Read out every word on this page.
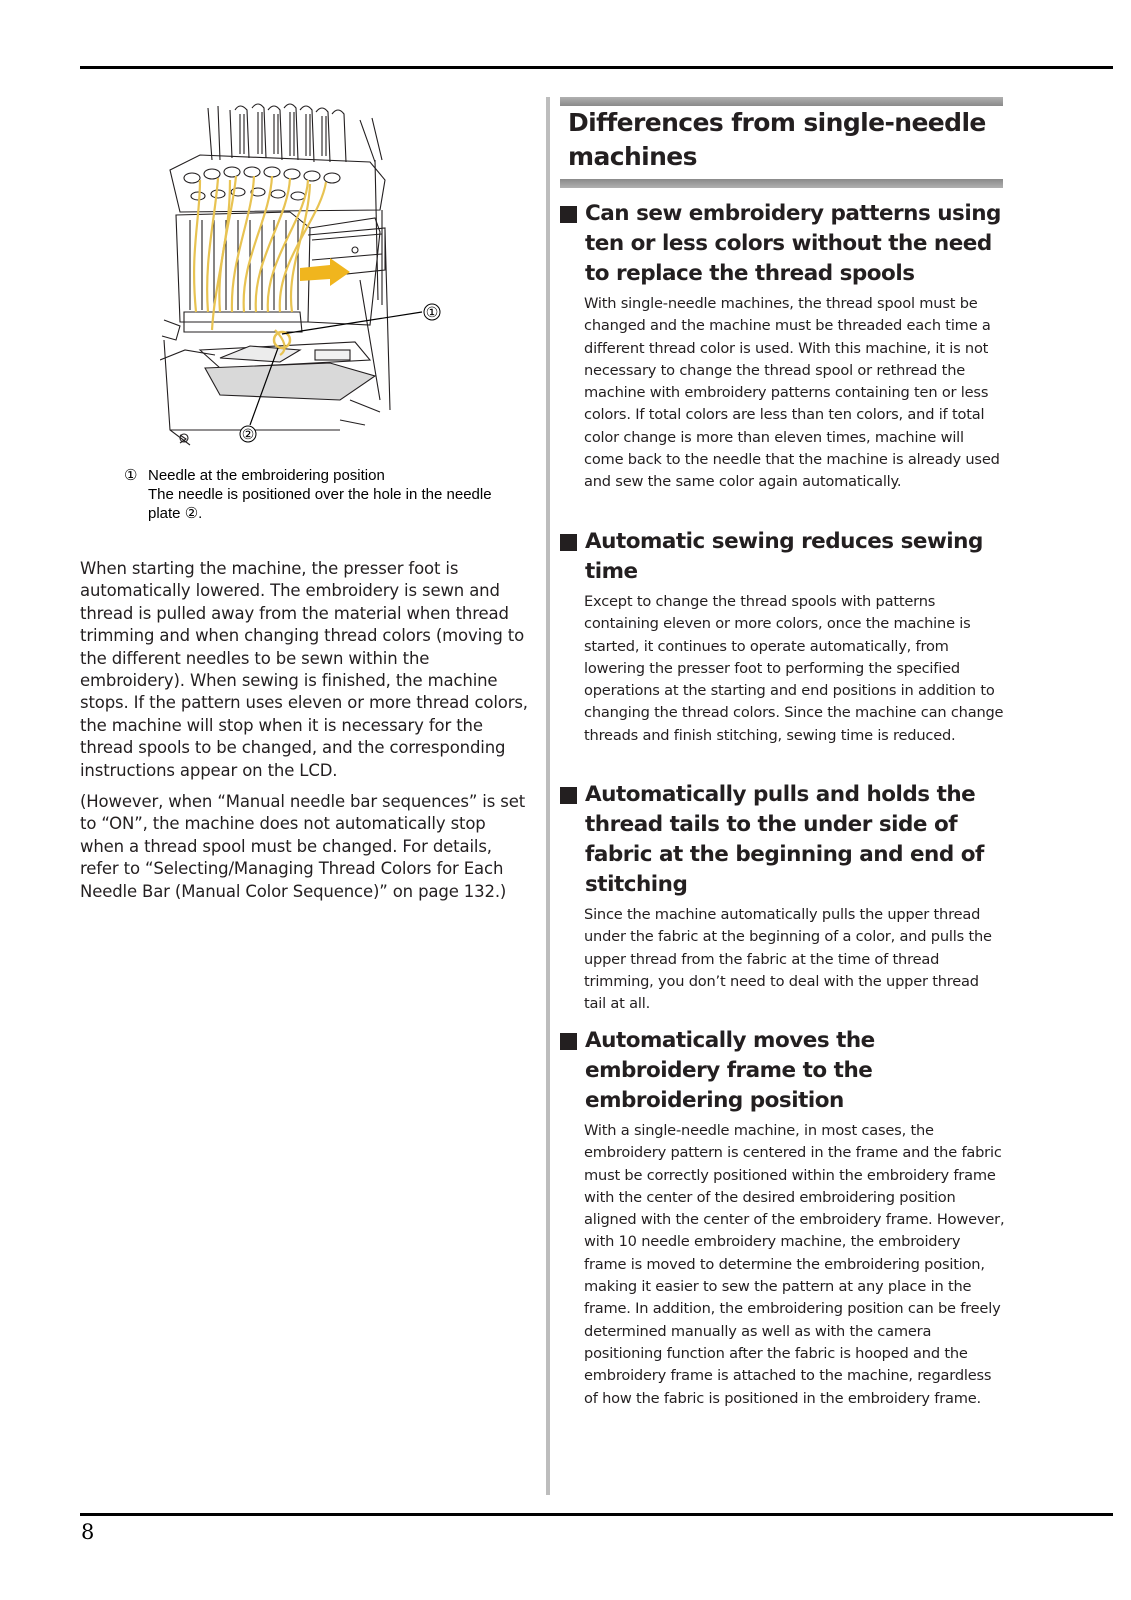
①
②
① Needle at the embroidering position
The needle is positioned over the hole in the needle plate ②.

When starting the machine, the presser foot is automatically lowered. The embroidery is sewn and thread is pulled away from the material when thread trimming and when changing thread colors (moving to the different needles to be sewn within the embroidery). When sewing is finished, the machine stops. If the pattern uses eleven or more thread colors, the machine will stop when it is necessary for the thread spools to be changed, and the corresponding instructions appear on the LCD.

(However, when “Manual needle bar sequences” is set to “ON”, the machine does not automatically stop when a thread spool must be changed. For details, refer to “Selecting/Managing Thread Colors for Each Needle Bar (Manual Color Sequence)” on page 132.)

Differences from single-needle machines
Can sew embroidery patterns using ten or less colors without the need to replace the thread spools
With single-needle machines, the thread spool must be changed and the machine must be threaded each time a different thread color is used. With this machine, it is not necessary to change the thread spool or rethread the machine with embroidery patterns containing ten or less colors. If total colors are less than ten colors, and if total color change is more than eleven times, machine will come back to the needle that the machine is already used and sew the same color again automatically.
Automatic sewing reduces sewing time
Except to change the thread spools with patterns containing eleven or more colors, once the machine is started, it continues to operate automatically, from lowering the presser foot to performing the specified operations at the starting and end positions in addition to changing the thread colors. Since the machine can change threads and finish stitching, sewing time is reduced.
Automatically pulls and holds the thread tails to the under side of fabric at the beginning and end of stitching
Since the machine automatically pulls the upper thread under the fabric at the beginning of a color, and pulls the upper thread from the fabric at the time of thread trimming, you don’t need to deal with the upper thread tail at all.
Automatically moves the embroidery frame to the embroidering position
With a single-needle machine, in most cases, the embroidery pattern is centered in the frame and the fabric must be correctly positioned within the embroidery frame with the center of the desired embroidering position aligned with the center of the embroidery frame. However, with 10 needle embroidery machine, the embroidery frame is moved to determine the embroidering position, making it easier to sew the pattern at any place in the frame. In addition, the embroidering position can be freely determined manually as well as with the camera positioning function after the fabric is hooped and the embroidery frame is attached to the machine, regardless of how the fabric is positioned in the embroidery frame.
8
